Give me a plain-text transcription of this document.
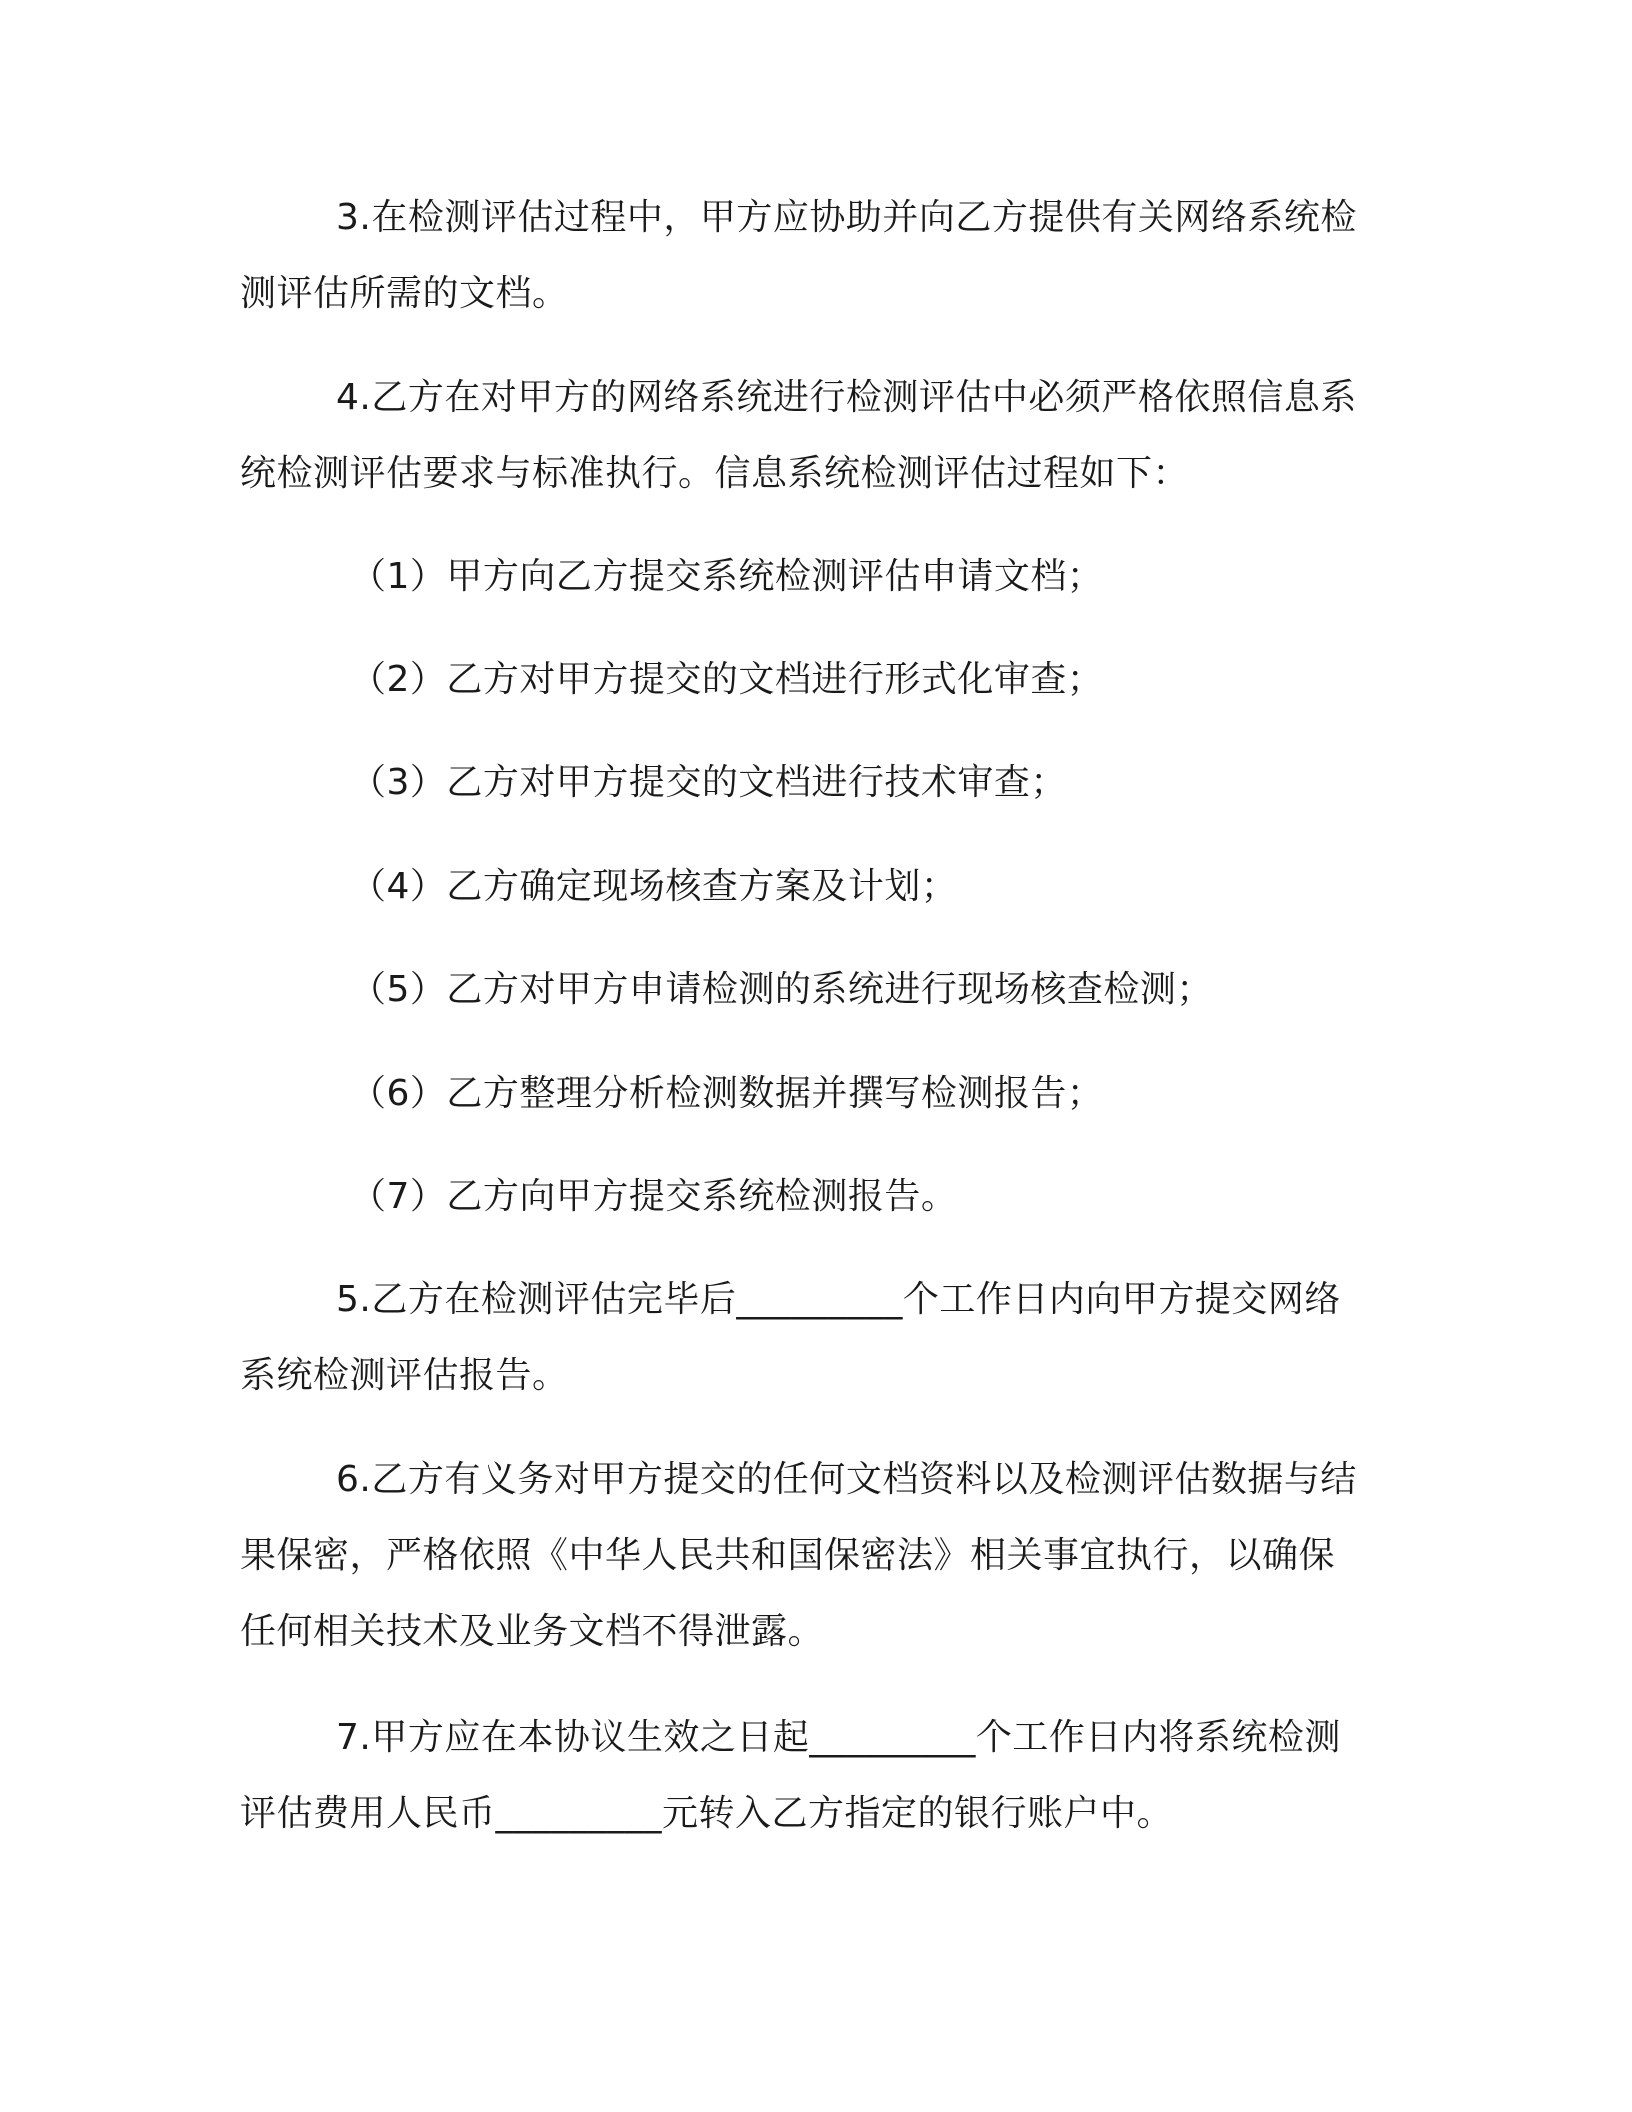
3.在检测评估过程中，甲方应协助并向乙方提供有关网络系统检测评估所需的文档。

4.乙方在对甲方的网络系统进行检测评估中必须严格依照信息系统检测评估要求与标准执行。信息系统检测评估过程如下：

（1）甲方向乙方提交系统检测评估申请文档；

（2）乙方对甲方提交的文档进行形式化审查；

（3）乙方对甲方提交的文档进行技术审查；

（4）乙方确定现场核查方案及计划；

（5）乙方对甲方申请检测的系统进行现场核查检测；

（6）乙方整理分析检测数据并撰写检测报告；

（7）乙方向甲方提交系统检测报告。

5.乙方在检测评估完毕后_________个工作日内向甲方提交网络系统检测评估报告。

6.乙方有义务对甲方提交的任何文档资料以及检测评估数据与结果保密，严格依照《中华人民共和国保密法》相关事宜执行，以确保任何相关技术及业务文档不得泄露。

7.甲方应在本协议生效之日起_________个工作日内将系统检测评估费用人民币_________元转入乙方指定的银行账户中。
